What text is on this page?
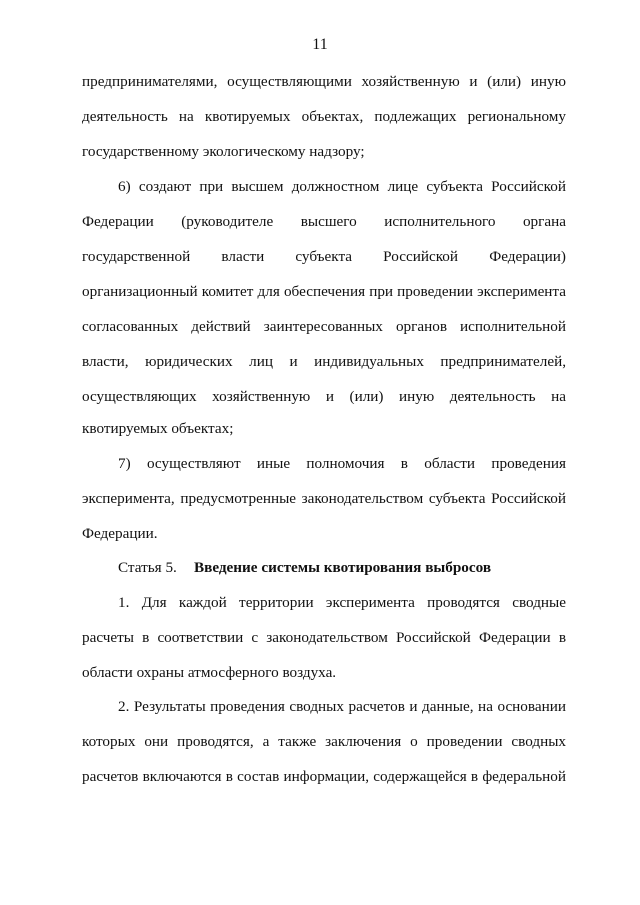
11
предпринимателями, осуществляющими хозяйственную и (или) иную
деятельность на квотируемых объектах, подлежащих региональному
государственному экологическому надзору;
6) создают при высшем должностном лице субъекта Российской
Федерации (руководителе высшего исполнительного органа
государственной власти субъекта Российской Федерации)
организационный комитет для обеспечения при проведении эксперимента
согласованных действий заинтересованных органов исполнительной
власти, юридических лиц и индивидуальных предпринимателей,
осуществляющих хозяйственную и (или) иную деятельность на
квотируемых объектах;
7) осуществляют иные полномочия в области проведения
эксперимента, предусмотренные законодательством субъекта Российской
Федерации.
Статья 5. Введение системы квотирования выбросов
1. Для каждой территории эксперимента проводятся сводные
расчеты в соответствии с законодательством Российской Федерации в
области охраны атмосферного воздуха.
2. Результаты проведения сводных расчетов и данные, на основании
которых они проводятся, а также заключения о проведении сводных
расчетов включаются в состав информации, содержащейся в федеральной
